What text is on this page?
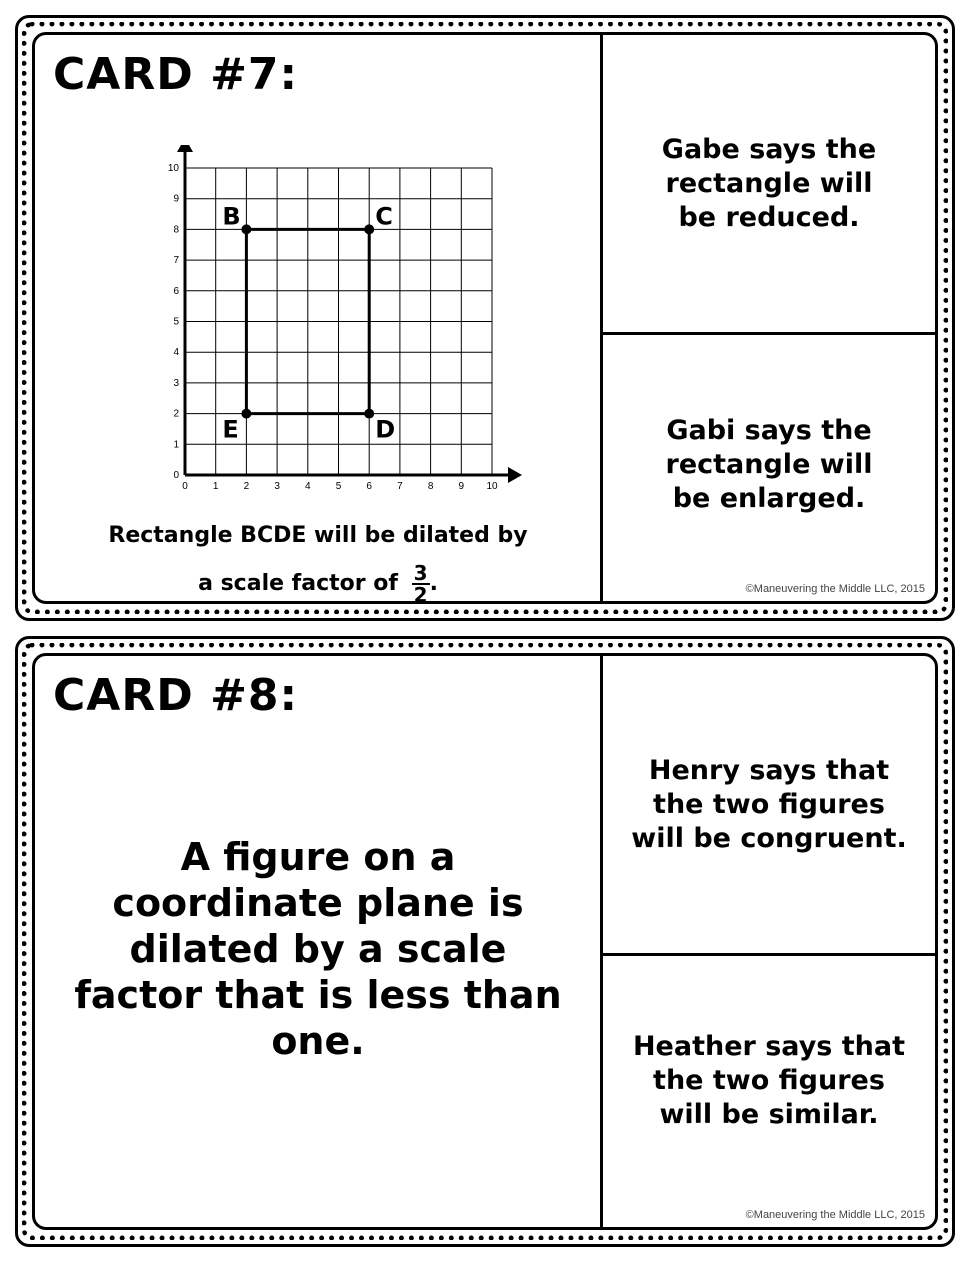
CARD #7:
0	1	2	3	4	5	6	7	8	9 10
0
1
2
3
4
5
6
7
8
9
10
B	C
D
E
Rectangle BCDE will be dilated by
a scale factor of $\frac{3}{2}$ .
Gabe says the
rectangle will
be reduced.
Gabi says the
rectangle will
be enlarged.
©Maneuvering the Middle LLC, 2015
CARD #8:
A figure on a
coordinate plane is
dilated by a scale
factor that is less than
one.
Henry says that
the two figures
will be congruent.
Heather says that
the two figures
will be similar.
©Maneuvering the Middle LLC, 2015
